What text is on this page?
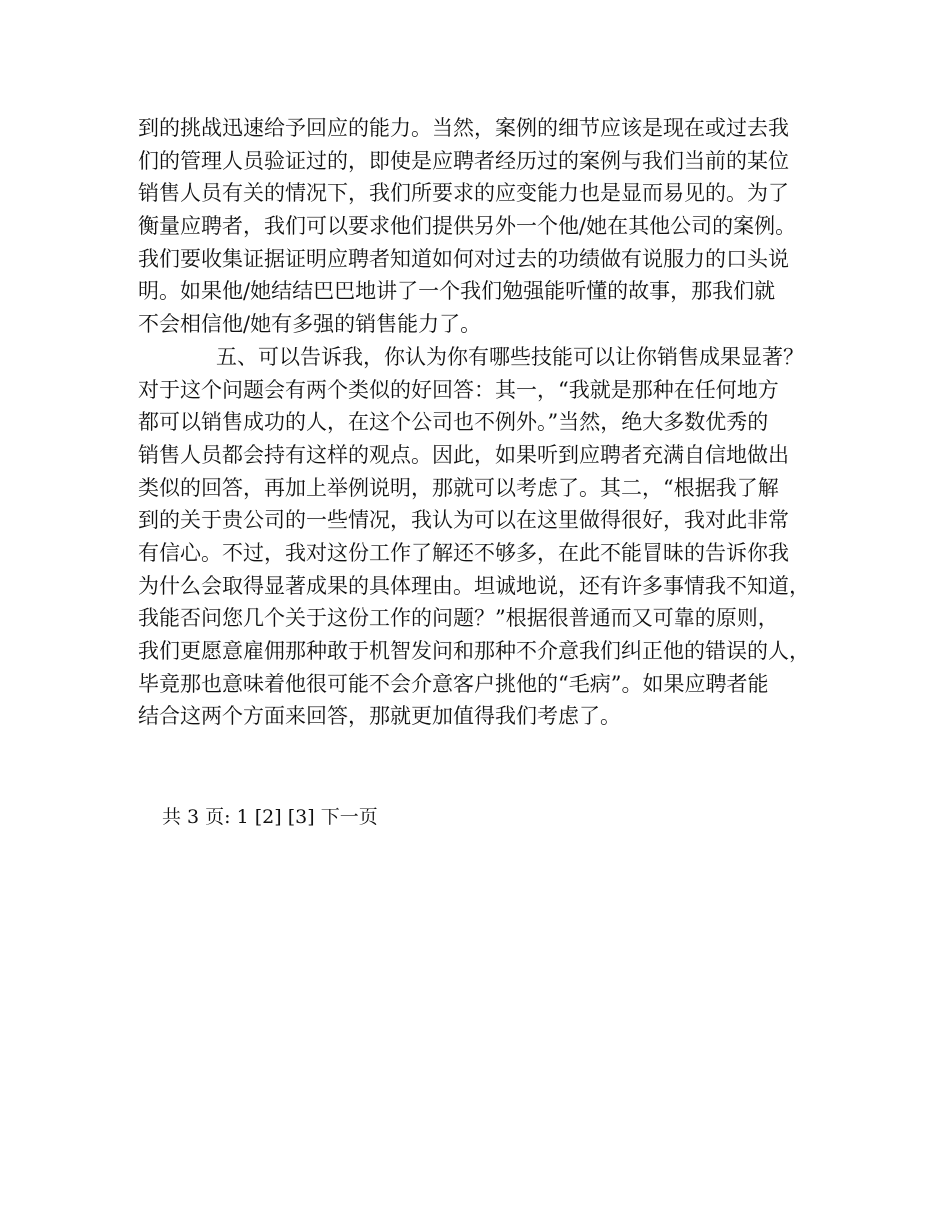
到的挑战迅速给予回应的能力。当然，案例的细节应该是现在或过去我
们的管理人员验证过的，即使是应聘者经历过的案例与我们当前的某位
销售人员有关的情况下，我们所要求的应变能力也是显而易见的。为了
衡量应聘者，我们可以要求他们提供另外一个他/她在其他公司的案例。
我们要收集证据证明应聘者知道如何对过去的功绩做有说服力的口头说
明。如果他/她结结巴巴地讲了一个我们勉强能听懂的故事，那我们就
不会相信他/她有多强的销售能力了。
五、可以告诉我，你认为你有哪些技能可以让你销售成果显著？
对于这个问题会有两个类似的好回答：其一，“我就是那种在任何地方
都可以销售成功的人，在这个公司也不例外。”当然，绝大多数优秀的
销售人员都会持有这样的观点。因此，如果听到应聘者充满自信地做出
类似的回答，再加上举例说明，那就可以考虑了。其二，“根据我了解
到的关于贵公司的一些情况，我认为可以在这里做得很好，我对此非常
有信心。不过，我对这份工作了解还不够多，在此不能冒昧的告诉你我
为什么会取得显著成果的具体理由。坦诚地说，还有许多事情我不知道，
我能否问您几个关于这份工作的问题？”根据很普通而又可靠的原则，
我们更愿意雇佣那种敢于机智发问和那种不介意我们纠正他的错误的人，
毕竟那也意味着他很可能不会介意客户挑他的“毛病”。如果应聘者能
结合这两个方面来回答，那就更加值得我们考虑了。
共 3 页: 1 [2] [3] 下一页
